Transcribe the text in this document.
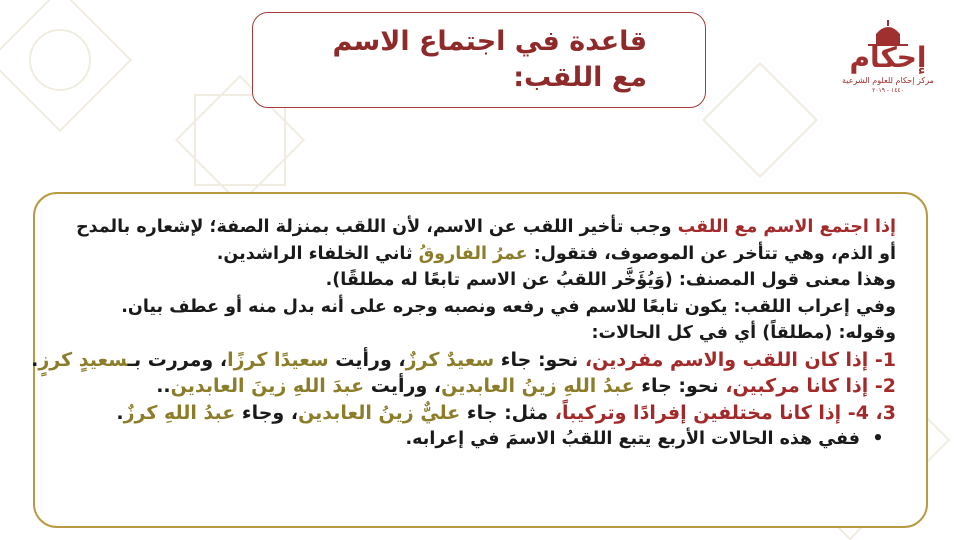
قاعدة في اجتماع الاسم
مع اللقب:
إحكام
مركز إحكام للعلوم الشرعية
١٤٤٠ - ٢٠١٩
إذا اجتمع الاسم مع اللقب وجب تأخير اللقب عن الاسم، لأن اللقب بمنزلة الصفة؛ لإشعاره بالمدح
أو الذم، وهي تتأخر عن الموصوف، فتقول: عمرُ الفاروقُ ثاني الخلفاء الراشدين.
وهذا معنى قول المصنف: (وَيُؤَخَّر اللقبُ عن الاسم تابعًا له مطلقًا).
وفي إعراب اللقب: يكون تابعًا للاسم في رفعه ونصبه وجره على أنه بدل منه أو عطف بيان.
وقوله: (مطلقاً) أي في كل الحالات:
1- إذا كان اللقب والاسم مفردين، نحو: جاء سعيدٌ كرزٌ، ورأيت سعيدًا كرزًا، ومررت بـسعيدٍ كرزٍ.
2- إذا كانا مركبين، نحو: جاء عبدُ اللهِ زينُ العابدين، ورأيت عبدَ اللهِ زينَ العابدين..
3، 4- إذا كانا مختلفين إفرادًا وتركيباً، مثل: جاء عليٌّ زينُ العابدين، وجاء عبدُ اللهِ كرزٌ.
•ففي هذه الحالات الأربع يتبع اللقبُ الاسمَ في إعرابه.
